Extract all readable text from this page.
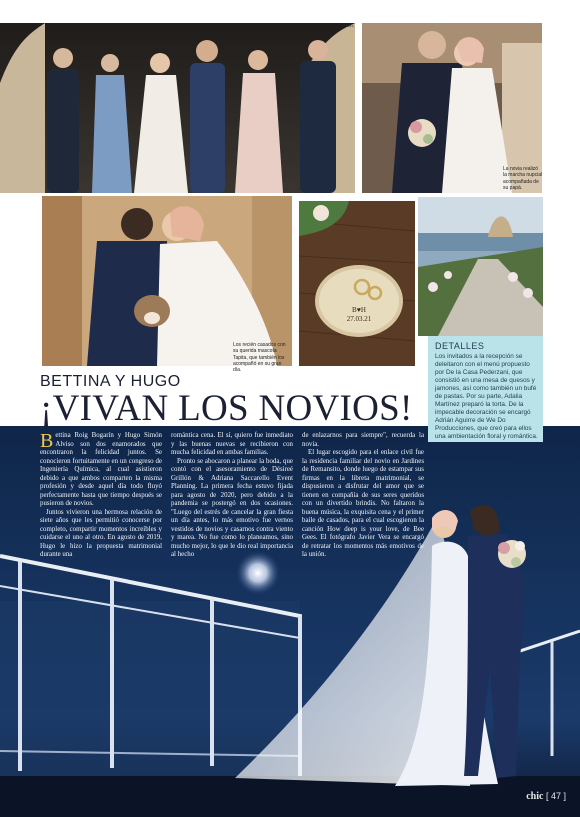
Bettina y Hugo junto a sus respectivos padres: Guillermo Roig y Vilma Bogarín; Sara Alviso y Hugo René Simón.
La novia realizó la marcha nupcial acompañada de su papá.
Los recién casados con su querida mascota Tapita, que también los acompañó en su gran día.
B♥H
27.03.21
DETALLES
Los invitados a la recepción se deleitaron con el menú propuesto por De la Casa Pederzani, que consistió en una mesa de quesos y jamones, así como también un bufé de pastas. Por su parte, Adalia Martínez preparó la torta. De la impecable decoración se encargó Adrián Aguirre de We Do Producciones, que creó para ellos una ambientación floral y romántica.
BETTINA Y HUGO
¡VIVAN LOS NOVIOS!

Bettina Roig Bogarín y Hugo Simón Alviso son dos enamorados que encontraron la felicidad juntos. Se conocieron fortuitamente en un congreso de Ingeniería Química, al cual asistieron debido a que ambos comparten la misma profesión y desde aquel día todo fluyó perfectamente hasta que tiempo después se pusieron de novios.

Juntos vivieron una hermosa relación de siete años que les permitió conocerse por completo, compartir momentos increíbles y cuidarse el uno al otro. En agosto de 2019, Hugo le hizo la propuesta matrimonial durante una

romántica cena. El sí, quiero fue inmediato y las buenas nuevas se recibieron con mucha felicidad en ambas familias.

Pronto se abocaron a planear la boda, que contó con el asesoramiento de Désireé Grillón & Adriana Saccarello Event Planning. La primera fecha estuvo fijada para agosto de 2020, pero debido a la pandemia se postergó en dos ocasiones. "Luego del estrés de cancelar la gran fiesta un día antes, lo más emotivo fue vernos vestidos de novios y casarnos contra viento y marea. No fue como lo planeamos, sino mucho mejor, lo que le dio real importancia al hecho

de enlazarnos para siempre", recuerda la novia.

El lugar escogido para el enlace civil fue la residencia familiar del novio en Jardines de Remansito, donde luego de estampar sus firmas en la libreta matrimonial, se dispusieron a disfrutar del amor que se tienen en compañía de sus seres queridos con un divertido brindis. No faltaron la buena música, la exquisita cena y el primer baile de casados, para el cual escogieron la canción How deep is your love, de Bee Gees. El fotógrafo Javier Vera se encargó de retratar los momentos más emotivos de la unión.

chic [ 47 ]
